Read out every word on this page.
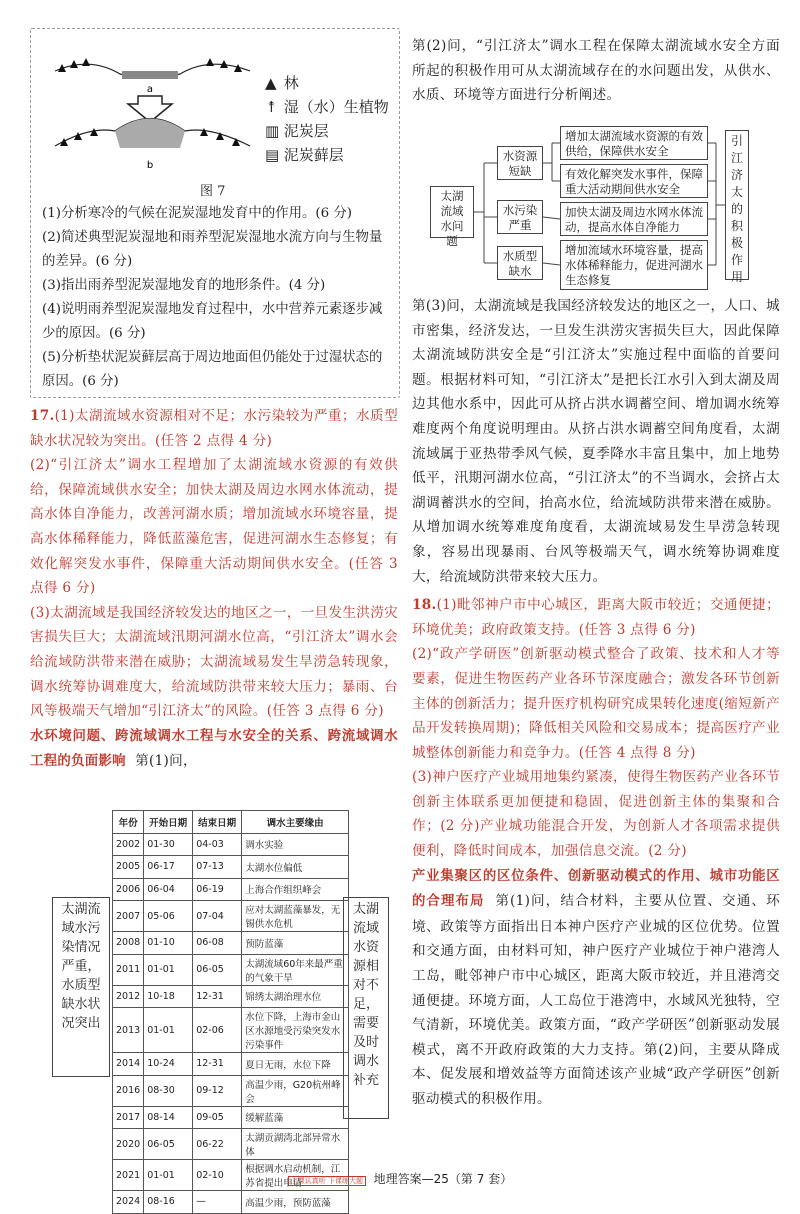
a
b
▲ 林
↟ 湿（水）生植物
▥ 泥炭层
▤ 泥炭藓层
图 7
(1)分析寒冷的气候在泥炭湿地发育中的作用。(6 分)
(2)简述典型泥炭湿地和雨养型泥炭湿地水流方向与生物量的差异。(6 分)
(3)指出雨养型泥炭湿地发育的地形条件。(4 分)
(4)说明雨养型泥炭湿地发育过程中，水中营养元素逐步减少的原因。(6 分)
(5)分析垫状泥炭藓层高于周边地面但仍能处于过湿状态的原因。(6 分)

17.(1)太湖流域水资源相对不足；水污染较为严重；水质型缺水状况较为突出。(任答 2 点得 4 分)

(2)“引江济太”调水工程增加了太湖流域水资源的有效供给，保障流域供水安全；加快太湖及周边水网水体流动，提高水体自净能力，改善河湖水质；增加流域水环境容量，提高水体稀释能力，降低蓝藻危害，促进河湖水生态修复；有效化解突发水事件，保障重大活动期间供水安全。(任答 3 点得 6 分)

(3)太湖流域是我国经济较发达的地区之一，一旦发生洪涝灾害损失巨大；太湖流域汛期河湖水位高，“引江济太”调水会给流域防洪带来潜在威胁；太湖流域易发生旱涝急转现象，调水统筹协调难度大，给流域防洪带来较大压力；暴雨、台风等极端天气增加“引江济太”的风险。(任答 3 点得 6 分)

水环境问题、跨流域调水工程与水安全的关系、跨流域调水工程的负面影响 第(1)问，

年份	开始日期	结束日期	调水主要缘由
2002	01-30	04-03	调水实验
2005	06-17	07-13	太湖水位偏低
2006	06-04	06-19	上海合作组织峰会
2007	05-06	07-04	应对太湖蓝藻暴发，无锡供水危机
2008	01-10	06-08	预防蓝藻
2011	01-01	06-05	太湖流域60年来最严重的气象干旱
2012	10-18	12-31	锦绣太湖治理水位
2013	01-01	02-06	水位下降，上海市金山区水源地受污染突发水污染事件
2014	10-24	12-31	夏日无雨，水位下降
2016	08-30	09-12	高温少雨，G20杭州峰会
2017	08-14	09-05	缓解蓝藻
2020	06-05	06-22	太湖贡湖湾北部异常水体
2021	01-01	02-10	根据调水启动机制，江苏省提出申请
2024	08-16	—	高温少雨，预防蓝藻
太湖流域水污染情况严重，水质型缺水状况突出
太湖流域水资源相对不足，需要及时调水补充

第(2)问，“引江济太”调水工程在保障太湖流域水安全方面所起的积极作用可从太湖流域存在的水问题出发，从供水、水质、环境等方面进行分析阐述。

太湖流域水问题
水资源短缺
水污染严重
水质型缺水
增加太湖流域水资源的有效供给，保障供水安全
有效化解突发水事件，保障重大活动期间供水安全
加快太湖及周边水网水体流动，提高水体自净能力
增加流域水环境容量，提高水体稀释能力，促进河湖水生态修复
引江济太的积极作用

第(3)问，太湖流域是我国经济较发达的地区之一，人口、城市密集，经济发达，一旦发生洪涝灾害损失巨大，因此保障太湖流域防洪安全是“引江济太”实施过程中面临的首要问题。根据材料可知，“引江济太”是把长江水引入到太湖及周边其他水系中，因此可从挤占洪水调蓄空间、增加调水统筹难度两个角度说明理由。从挤占洪水调蓄空间角度看，太湖流域属于亚热带季风气候，夏季降水丰富且集中，加上地势低平，汛期河湖水位高，“引江济太”的不当调水，会挤占太湖调蓄洪水的空间，抬高水位，给流域防洪带来潜在威胁。从增加调水统筹难度角度看，太湖流域易发生旱涝急转现象，容易出现暴雨、台风等极端天气，调水统筹协调难度大，给流域防洪带来较大压力。

18.(1)毗邻神户市中心城区，距离大阪市较近；交通便捷；环境优美；政府政策支持。(任答 3 点得 6 分)

(2)“政产学研医”创新驱动模式整合了政策、技术和人才等要素，促进生物医药产业各环节深度融合；激发各环节创新主体的创新活力；提升医疗机构研究成果转化速度(缩短新产品开发转换周期)；降低相关风险和交易成本；提高医疗产业城整体创新能力和竞争力。(任答 4 点得 8 分)

(3)神户医疗产业城用地集约紧凑，使得生物医药产业各环节创新主体联系更加便捷和稳固，促进创新主体的集聚和合作；(2 分)产业城功能混合开发，为创新人才各项需求提供便利，降低时间成本，加强信息交流。(2 分)

产业集聚区的区位条件、创新驱动模式的作用、城市功能区的合理布局 第(1)问，结合材料，主要从位置、交通、环境、政策等方面指出日本神户医疗产业城的区位优势。位置和交通方面，由材料可知，神户医疗产业城位于神户港湾人工岛，毗邻神户市中心城区，距离大阪市较近，并且港湾交通便捷。环境方面，人工岛位于港湾中，水域风光独特，空气清新，环境优美。政策方面，“政产学研医”创新驱动发展模式，离不开政府政策的大力支持。第(2)问，主要从降成本、促发展和增效益等方面简述该产业城“政产学研医”创新驱动模式的积极作用。

上课认真听 下课练大题 地理答案—25（第 7 套）
